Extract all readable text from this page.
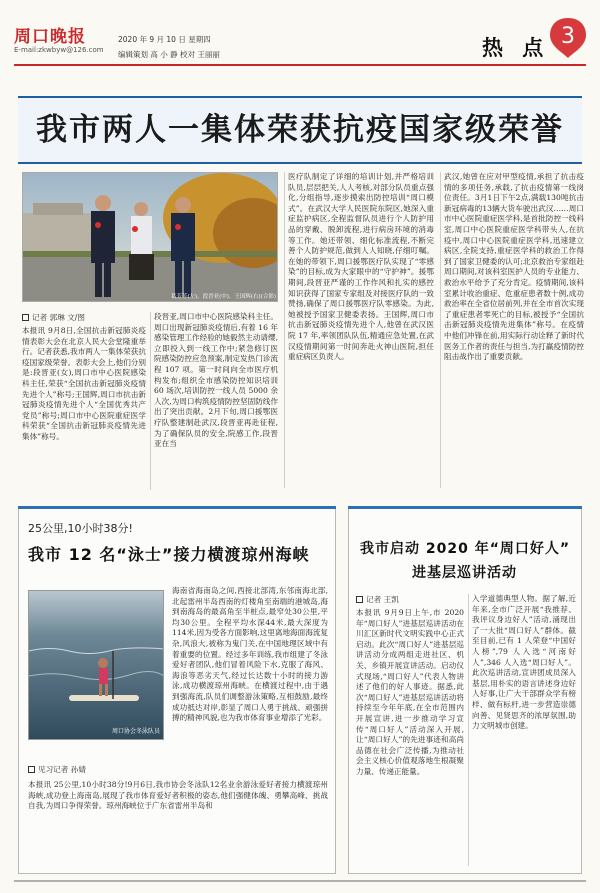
周口晚报
E-mail:zkwbyw@126.com
2020 年 9 月 10 日 星期四
编辑策划 高 小 静 校对 王丽丽	热 点 3
我市两人一集体荣获抗疫国家级荣誉
葛芳芳(左)、段晋亚(中)、王国辉(右)(合影)
记者 郭琳 文/图
本报讯 9月8日,全国抗击新冠肺炎疫情表彰大会在北京人民大会堂隆重举行。记者获悉,我市两人一集体荣获抗疫国家级荣誉。表彰大会上,他们分别是:段晋亚(女),周口市中心医院感染科主任,荣获“全国抗击新冠肺炎疫情先进个人”称号;王国辉,周口市抗击新冠肺炎疫情先进个人“全国优秀共产党员”称号;周口市中心医院重症医学科荣获“全国抗击新冠肺炎疫情先进集体”称号。
段晋亚,周口市中心医院感染科主任。周口出现新冠肺炎疫情后,有着 16 年感染管理工作经验的她毅然主动请缨,立即投入到一线工作中;紧急修订医院感染防控应急预案,制定发热门诊流程 107 项。第一时间向全市医疗机构发布;组织全市感染防控知识培训 60 场次,培训防控一线人员 5000 余人次,为周口构筑疫情防控坚固防线作出了突出贡献。2月下旬,周口援鄂医疗队整建制赴武汉,段晋亚再赴征程,为了确保队员的安全,院感工作,段晋亚在当
医疗队制定了详细的培训计划,并严格培训队员,层层把关,人人考核,对部分队员重点强化,分组指导,逐步摸索出防控培训“周口模式”。在武汉大学人民医院东院区,她深入重症监护病区,全程监督队员进行个人防护用品的穿戴、脱卸流程,进行病房环境的消毒等工作。她还带领、细化标准流程,不断完善个人防护规范,做到人人知晓,仔细叮嘱。在她的带领下,周口援鄂医疗队实现了“零感染”的目标,成为大家眼中的“守护神”。援鄂期间,段晋亚严谨的工作作风和扎实的感控知识获得了国家专家组及对接医疗队的一致赞扬,确保了周口援鄂医疗队零感染。为此,她被授予国家卫健委表扬。王国辉,周口市抗击新冠肺炎疫情先进个人,他曾在武汉医院 17 年,率领团队队伍,精通应急处置,在武汉疫情期间第一时间奔赴火神山医院,担任重症病区负责人。
武汉,她曾在应对甲型疫情,承担了抗击疫情的多项任务,承载,了抗击疫情第一线岗位责任。3月1日下午2点,满载130吨抗击新冠病毒的13辆大货车驶出武汉……周口市中心医院重症医学科,是首批防控一线科室,周口中心医院重症医学科带头人,在抗疫中,周口中心医院重症医学科,迅速建立病区,全院支持,重症医学科的救治工作得到了国家卫健委的认可;北京救治专家组赴周口期间,对该科室医护人员的专业能力、救治水平给予了充分肯定。疫情期间,该科室累计收治重症、危重症患者数十例,成功救治率在全省位居前列,并在全市首次实现了重症患者零死亡的目标,被授予“全国抗击新冠肺炎疫情先进集体”称号。在疫情中他们冲锋在前,用实际行动诠释了新时代医务工作者的责任与担当,为打赢疫情防控阻击战作出了重要贡献。
25公里,10小时38分!
我市 12 名“泳士”接力横渡琼州海峡
周口协会冬泳队员
海南省海南岛之间,西接北部湾,东邻南海北部,北起雷州半岛西南的灯楼角至南端的港城岛,海到南海岛的最高角至半桩点,最窄处30公里,平均30公里。全程平均水深44米,最大深度为114米,因为受各方面影响,这里离地海面海流复杂,风浪大,被称为鬼门关,在中国地理区域中有着重要的位置。经过多年训练,我市组建了冬泳爱好者团队,他们冒着风险下水,克服了海风、海浪等恶劣天气,经过长达数十小时的接力游泳,成功横渡琼州海峡。在横渡过程中,由于遇到强海流,队员们调整游泳策略,互相鼓励,最终成功抵达对岸,彰显了周口人勇于挑战、顽强拼搏的精神风貌,也为我市体育事业增添了光彩。
见习记者 孙婧
本报讯 25公里,10小时38分!9月6日,我市协会冬泳队12名业余游泳爱好者接力横渡琼州海峡,成功登上海南岛,展现了我市体育爱好者积极的姿态,他们强健体魄、勇攀高峰、挑战自我,为周口争得荣誉。琼州海峡位于广东省雷州半岛和
我市启动 2020 年“周口好人”
进基层巡讲活动
记者 王凯
本报讯 9月9日上午,市 2020 年“周口好人”进基层巡讲活动在川汇区新时代文明实践中心正式启动。此次“周口好人”进基层巡讲活动分成两组走进社区、机关、乡镇开展宣讲活动。启动仪式现场,“周口好人”代表人物讲述了他们的好人事迹。据悉,此次“周口好人”进基层巡讲活动将持续至今年年底,在全市范围内开展宣讲,进一步推动学习宣传“周口好人”活动深入开展,让“周口好人”的先进事迹和高尚品德在社会广泛传播,为推动社会主义核心价值观落地生根凝聚力量、传递正能量。
入学道德典型人物。据了解,近年来,全市广泛开展“我推荐、我评议身边好人”活动,涌现出了一大批“周口好人”群体。截至目前,已有 1 人荣登“中国好人榜”,79 人入选“河南好人”,346 人入选“周口好人”。此次巡讲活动,宣讲团成员深入基层,用朴实的语言讲述身边好人好事,让广大干部群众学有榜样、做有标杆,进一步营造崇德向善、见贤思齐的浓厚氛围,助力文明城市创建。
